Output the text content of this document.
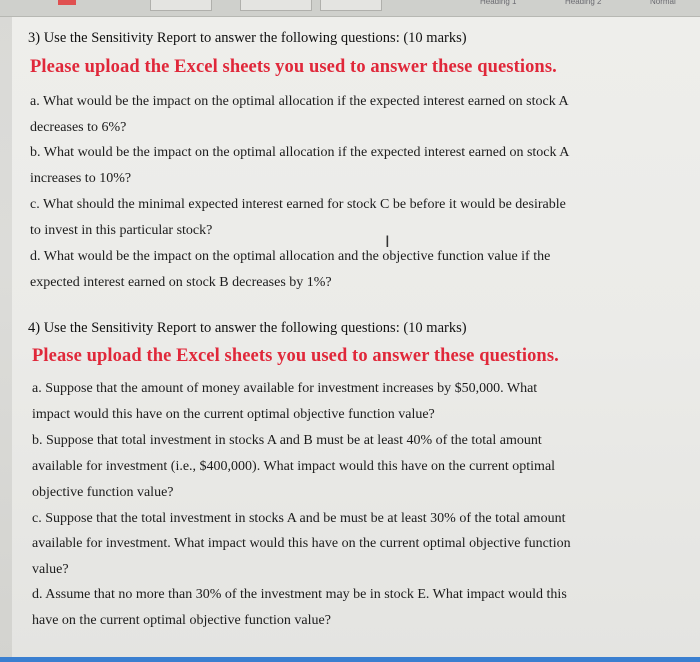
Heading 1	Heading 2	Normal
3) Use the Sensitivity Report to answer the following questions: (10 marks)
Please upload the Excel sheets you used to answer these questions.
a. What would be the impact on the optimal allocation if the expected interest earned on stock A
decreases to 6%?
b. What would be the impact on the optimal allocation if the expected interest earned on stock A
increases to 10%?
c. What should the minimal expected interest earned for stock C be before it would be desirable
to invest in this particular stock?
d. What would be the impact on the optimal allocation and the objective function value if the
expected interest earned on stock B decreases by 1%?
4) Use the Sensitivity Report to answer the following questions: (10 marks)
Please upload the Excel sheets you used to answer these questions.
a. Suppose that the amount of money available for investment increases by $50,000. What
impact would this have on the current optimal objective function value?
b. Suppose that total investment in stocks A and B must be at least 40% of the total amount
available for investment (i.e., $400,000). What impact would this have on the current optimal
objective function value?
c. Suppose that the total investment in stocks A and be must be at least 30% of the total amount
available for investment. What impact would this have on the current optimal objective function
value?
d. Assume that no more than 30% of the investment may be in stock E. What impact would this
have on the current optimal objective function value?
I
